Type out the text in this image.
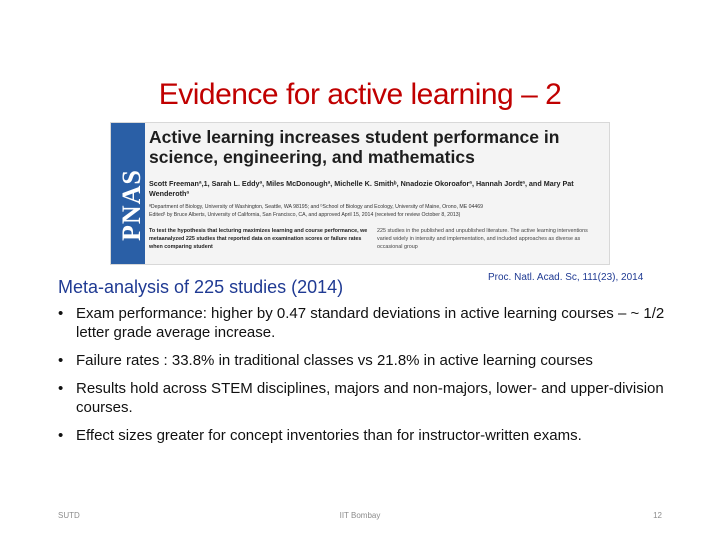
Evidence for active learning – 2
PNAS
Active learning increases student performance in science, engineering, and mathematics
Scott Freemanª,1, Sarah L. Eddyª, Miles McDonoughª, Michelle K. Smithᵇ, Nnadozie Okoroaforª, Hannah Jordtª, and Mary Pat Wenderothª
ªDepartment of Biology, University of Washington, Seattle, WA 98195; and ᵇSchool of Biology and Ecology, University of Maine, Orono, ME 04469
Edited¹ by Bruce Alberts, University of California, San Francisco, CA, and approved April 15, 2014 (received for review October 8, 2013)
To test the hypothesis that lecturing maximizes learning and course performance, we metaanalyzed 225 studies that reported data on examination scores or failure rates when comparing student
225 studies in the published and unpublished literature. The active learning interventions varied widely in intensity and implementation, and included approaches as diverse as occasional group
Meta-analysis of 225 studies (2014)	Proc. Natl. Acad. Sc, 111(23), 2014
• Exam performance: higher by 0.47 standard deviations in active learning courses – ~ 1/2 letter grade average increase.
• Failure rates : 33.8% in traditional classes vs 21.8% in active learning courses
• Results hold across STEM disciplines, majors and non-majors, lower- and upper-division courses.
• Effect sizes greater for concept inventories than for instructor-written exams.
SUTD	IIT Bombay	12
